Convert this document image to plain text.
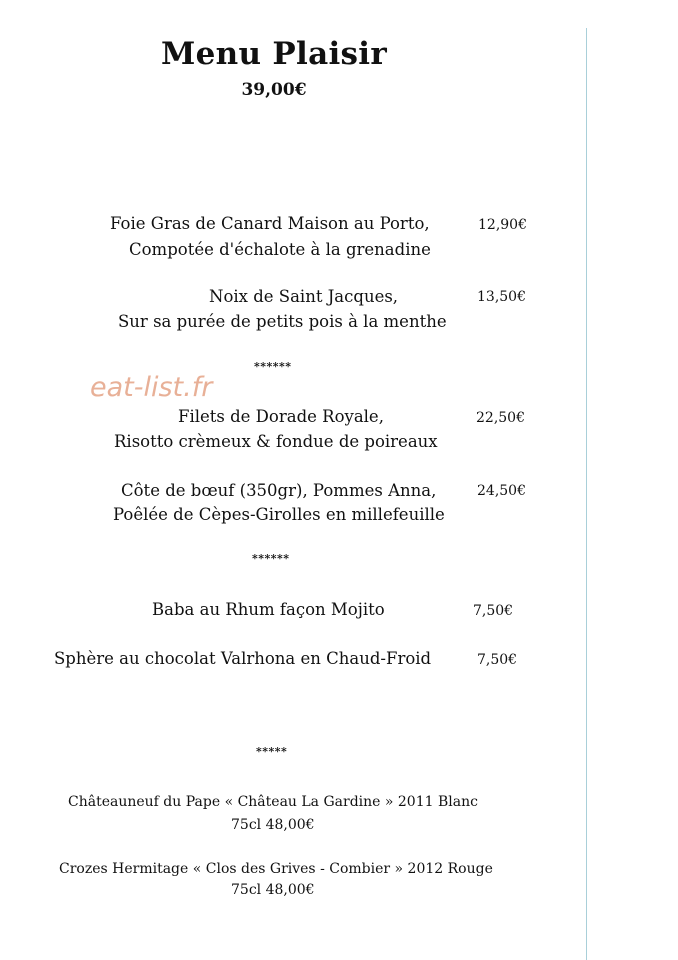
Menu Plaisir
39,00€
Foie Gras de Canard Maison au Porto,
Compotée d'échalote à la grenadine
12,90€
Noix de Saint Jacques,
Sur sa purée de petits pois à la menthe
13,50€
******
eat-list.fr
Filets de Dorade Royale,
Risotto crèmeux & fondue de poireaux
22,50€
Côte de bœuf (350gr), Pommes Anna,
Poêlée de Cèpes-Girolles en millefeuille
24,50€
******
Baba au Rhum façon Mojito	7,50€
Sphère au chocolat Valrhona en Chaud-Froid	7,50€
*****
Châteauneuf du Pape « Château La Gardine » 2011 Blanc
75cl 48,00€
Crozes Hermitage « Clos des Grives - Combier » 2012 Rouge
75cl 48,00€
